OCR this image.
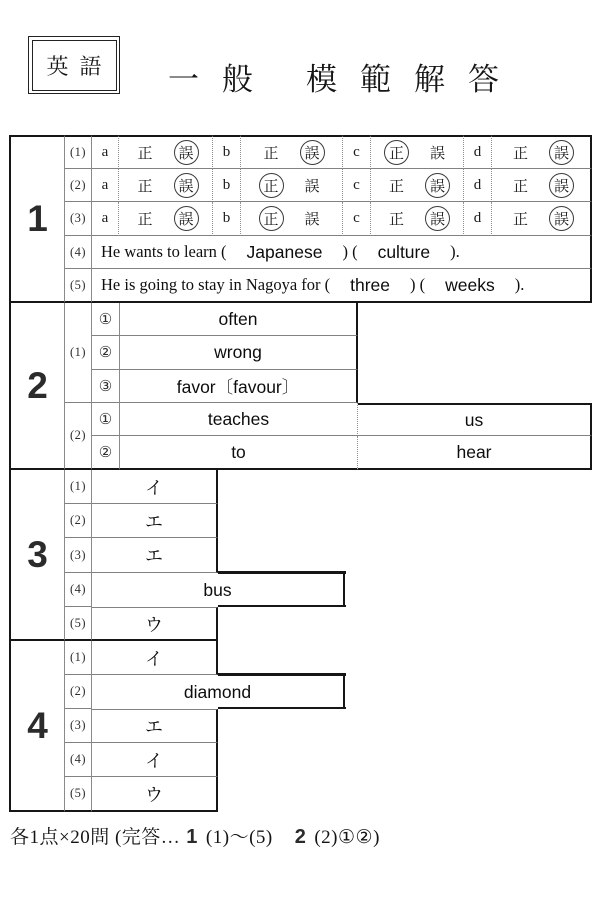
英語 一般 模範解答
1
(1)	a	正	誤	b	正	誤	c	正	誤	d	正	誤
(2)	a	正	誤	b	正	誤	c	正	誤	d	正	誤
(3)	a	正	誤	b	正	誤	c	正	誤	d	正	誤
(4) He wants to learn ( Japanese ) ( culture ).
(5) He is going to stay in Nagoya for ( three ) ( weeks ).
2
(1)
①	often
②	wrong
③	favor〔favour〕
(2)
①	teaches	us
②	to	hear
3
(1)	イ
(2)	エ
(3)	エ
(4)	bus
(5)	ウ
4
(1)	イ
(2)	diamond
(3)	エ
(4)	イ
(5)	ウ
各1点×20問 (完答… 1 (1)～(5) 2 (2)①②)
